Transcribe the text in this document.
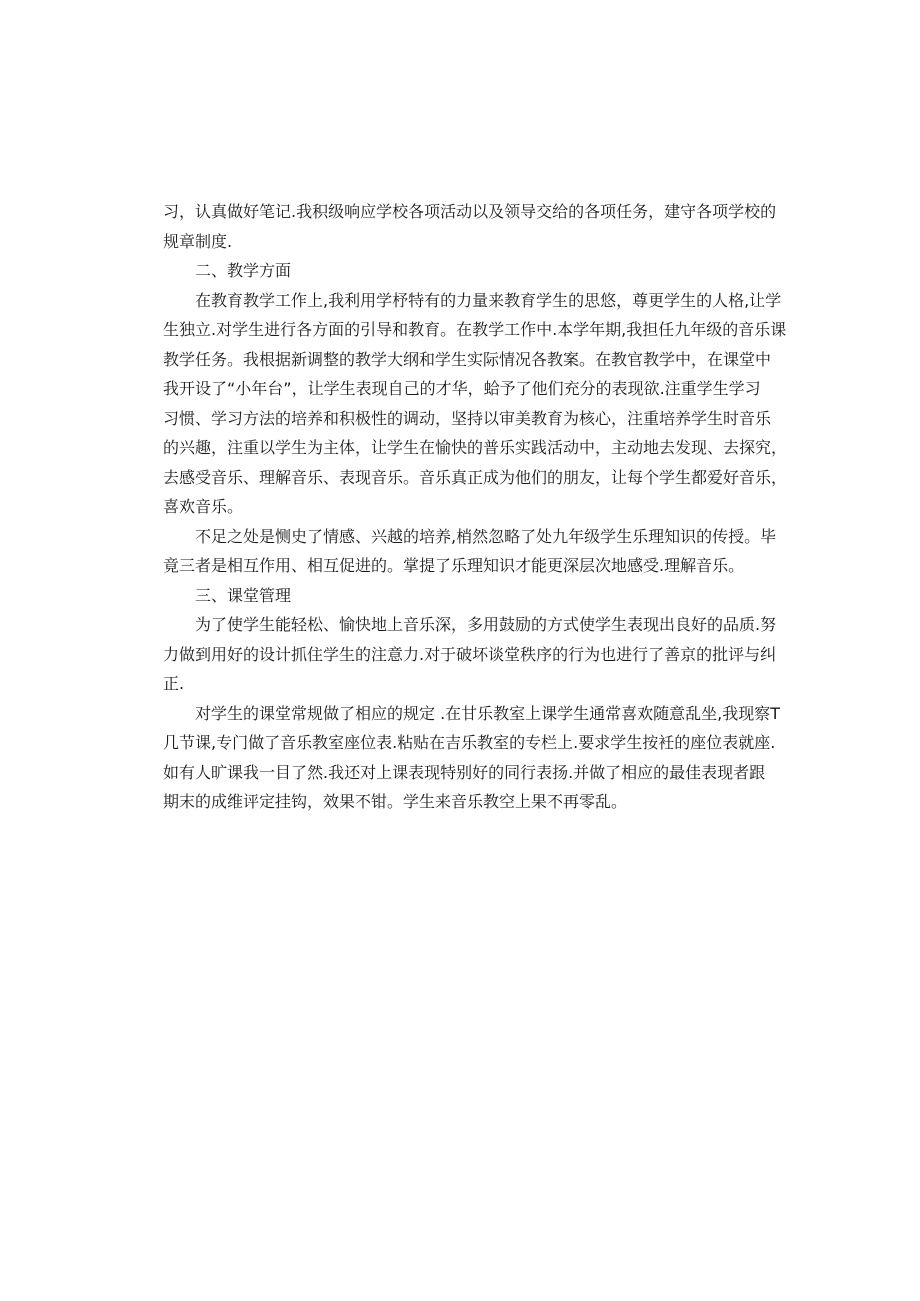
习，认真做好笔记.我积级响应学校各项活动以及领导交给的各项任务，建守各项学校的
规章制度.
二、教学方面
在教育教学工作上,我利用学杼特有的力量来教育学生的思悠，尊更学生的人格,让学
生独立.对学生进行各方面的引导和教育。在教学工作中.本学年期,我担任九年级的音乐课
教学任务。我根据新调整的教学大纲和学生实际情况各教案。在教官教学中，在课堂中
我开设了“小年台”，让学生表现自己的才华，蛤予了他们充分的表现欲.注重学生学习
习惯、学习方法的培养和积极性的调动，坚持以审美教育为核心，注重培养学生时音乐
的兴趣，注重以学生为主体，让学生在愉快的普乐实践活动中，主动地去发现、去探究，
去感受音乐、理解音乐、表现音乐。音乐真正成为他们的朋友，让每个学生都爱好音乐，
喜欢音乐。
不足之处是恻史了情感、兴越的培养,梢然忽略了处九年级学生乐理知识的传授。毕
竟三者是相互作用、相互促进的。掌提了乐理知识才能更深层次地感受.理解音乐。
三、课堂管理
为了使学生能轻松、愉快地上音乐深，多用鼓励的方式使学生表现出良好的品质.努
力做到用好的设计抓住学生的注意力.对于破坏谈堂秩序的行为也进行了善京的批评与纠
正.
对学生的课堂常规做了相应的规定 .在甘乐教室上课学生通常喜欢随意乱坐,我现察T
几节课,专门做了音乐教室座位表.粘贴在吉乐教室的专栏上.要求学生按衽的座位表就座.
如有人旷课我一目了然.我还对上课表现特别好的同行表扬.并做了相应的最佳表现者跟
期末的成维评定挂钩，效果不钳。学生来音乐教空上果不再零乱。
